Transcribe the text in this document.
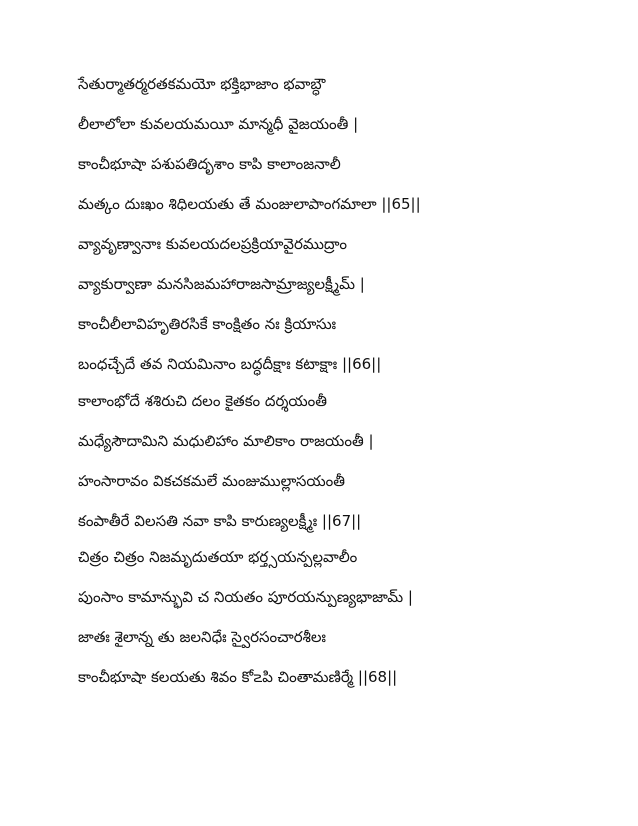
సేతుర్మాతర్మరతకమయో భక్తిభాజాం భవాబ్ధౌ
లీలాలోలా కువలయమయీ మాన్మధీ వైజయంతీ |
కాంచీభూషా పశుపతిదృశాం కాపి కాలాంజనాలీ
మత్కం దుఃఖం శిధిలయతు తే మంజులాపాంగమాలా ||65||
వ్యావృణ్వానాః కువలయదలప్రక్రియావైరముద్రాం
వ్యాకుర్వాణా మనసిజమహారాజసామ్రాజ్యలక్ష్మీమ్ |
కాంచీలీలావిహృతిరసికే కాంక్షితం నః క్రియాసుః
బంధచ్చేదే తవ నియమినాం బద్ధదీక్షాః కటాక్షాః ||66||
కాలాంభోదే శశిరుచి దలం కైతకం దర్శయంతీ
మధ్యేసౌదామిని మధులిహాం మాలికాం రాజయంతీ |
హంసారావం వికచకమలే మంజుముల్లాసయంతీ
కంపాతీరే విలసతి నవా కాపి కారుణ్యలక్ష్మీః ||67||
చిత్రం చిత్రం నిజమృదుతయా భర్త్సయన్పల్లవాలీం
పుంసాం కామాన్భువి చ నియతం పూరయన్పుణ్యభాజామ్ |
జాతః శైలాన్న తు జలనిధేః స్వైరసంచారశీలః
కాంచీభూషా కలయతు శివం కో౽పి చింతామణిర్మే ||68||
